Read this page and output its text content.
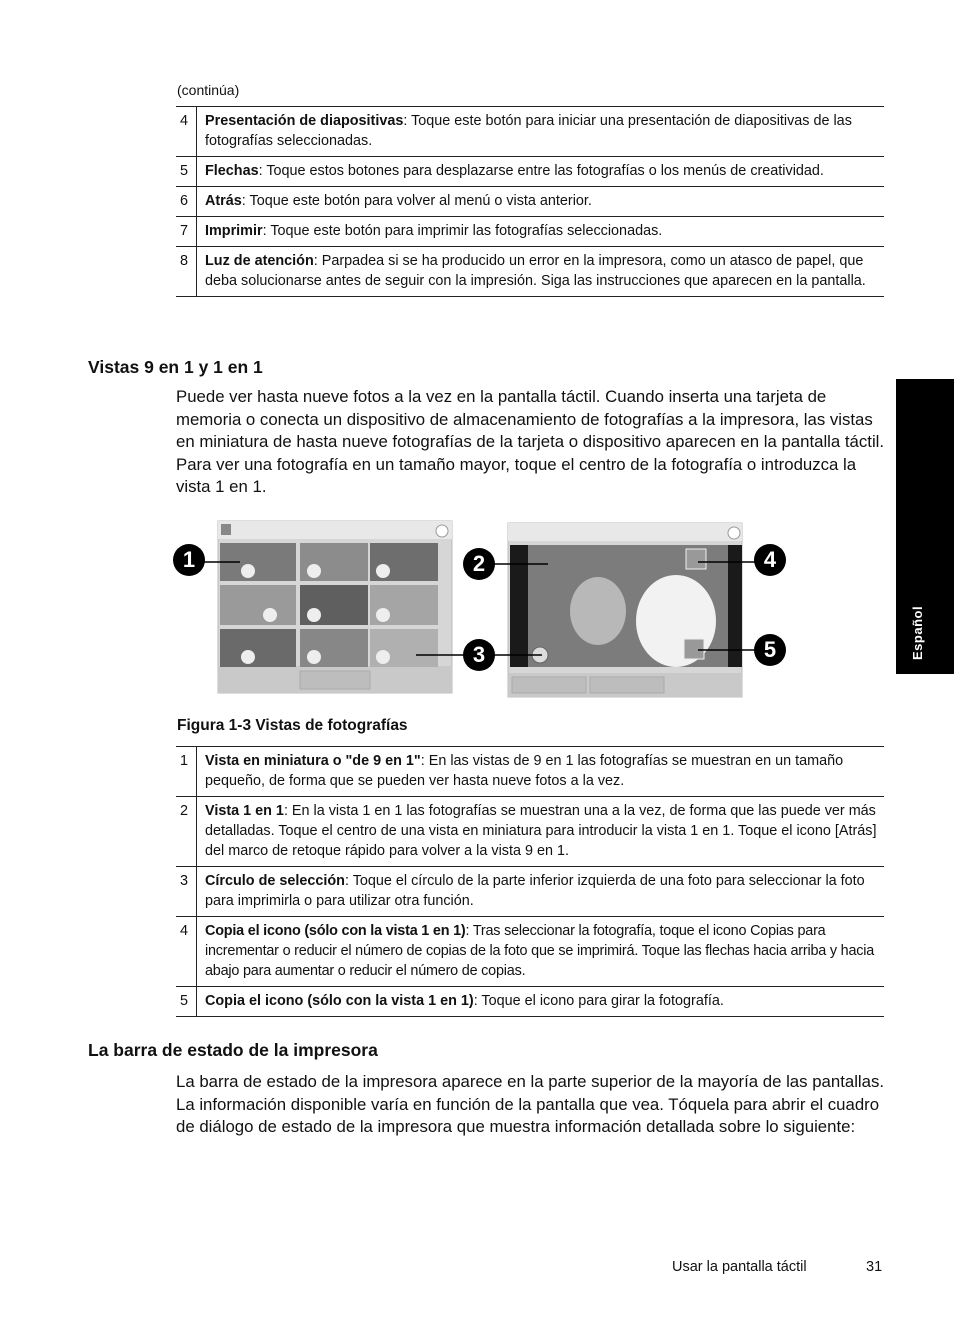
(continúa)
4	Presentación de diapositivas: Toque este botón para iniciar una presentación de diapositivas de las fotografías seleccionadas.
5	Flechas: Toque estos botones para desplazarse entre las fotografías o los menús de creatividad.
6	Atrás: Toque este botón para volver al menú o vista anterior.
7	Imprimir: Toque este botón para imprimir las fotografías seleccionadas.
8	Luz de atención: Parpadea si se ha producido un error en la impresora, como un atasco de papel, que deba solucionarse antes de seguir con la impresión. Siga las instrucciones que aparecen en la pantalla.
Vistas 9 en 1 y 1 en 1
Puede ver hasta nueve fotos a la vez en la pantalla táctil. Cuando inserta una tarjeta de memoria o conecta un dispositivo de almacenamiento de fotografías a la impresora, las vistas en miniatura de hasta nueve fotografías de la tarjeta o dispositivo aparecen en la pantalla táctil. Para ver una fotografía en un tamaño mayor, toque el centro de la fotografía o introduzca la vista 1 en 1.
1	2
3
4
5
Figura 1-3 Vistas de fotografías
1	Vista en miniatura o "de 9 en 1": En las vistas de 9 en 1 las fotografías se muestran en un tamaño pequeño, de forma que se pueden ver hasta nueve fotos a la vez.
2	Vista 1 en 1: En la vista 1 en 1 las fotografías se muestran una a la vez, de forma que las puede ver más detalladas. Toque el centro de una vista en miniatura para introducir la vista 1 en 1. Toque el icono [Atrás] del marco de retoque rápido para volver a la vista 9 en 1.
3	Círculo de selección: Toque el círculo de la parte inferior izquierda de una foto para seleccionar la foto para imprimirla o para utilizar otra función.
4	Copia el icono (sólo con la vista 1 en 1): Tras seleccionar la fotografía, toque el icono Copias para incrementar o reducir el número de copias de la foto que se imprimirá. Toque las flechas hacia arriba y hacia abajo para aumentar o reducir el número de copias.
5	Copia el icono (sólo con la vista 1 en 1): Toque el icono para girar la fotografía.
La barra de estado de la impresora
La barra de estado de la impresora aparece en la parte superior de la mayoría de las pantallas. La información disponible varía en función de la pantalla que vea. Tóquela para abrir el cuadro de diálogo de estado de la impresora que muestra información detallada sobre lo siguiente:
Español
Usar la pantalla táctil	31
